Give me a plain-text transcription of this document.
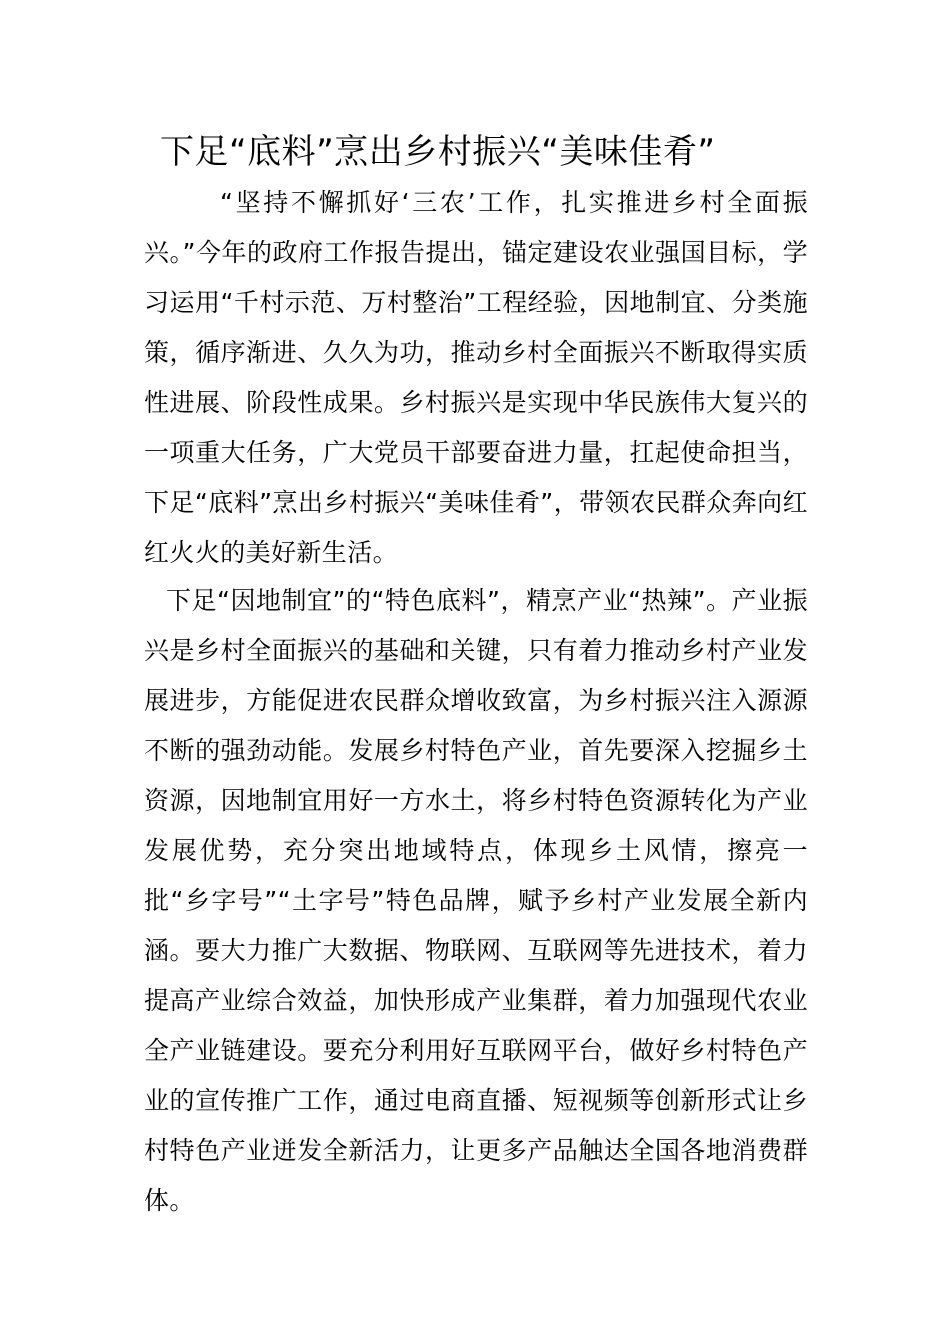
下足“底料”烹出乡村振兴“美味佳肴”

“坚持不懈抓好‘三农’工作，扎实推进乡村全面振兴。”今年的政府工作报告提出，锚定建设农业强国目标，学习运用“千村示范、万村整治”工程经验，因地制宜、分类施策，循序渐进、久久为功，推动乡村全面振兴不断取得实质性进展、阶段性成果。乡村振兴是实现中华民族伟大复兴的一项重大任务，广大党员干部要奋进力量，扛起使命担当，下足“底料”烹出乡村振兴“美味佳肴”，带领农民群众奔向红红火火的美好新生活。

下足“因地制宜”的“特色底料”，精烹产业“热辣”。产业振兴是乡村全面振兴的基础和关键，只有着力推动乡村产业发展进步，方能促进农民群众增收致富，为乡村振兴注入源源不断的强劲动能。发展乡村特色产业，首先要深入挖掘乡土资源，因地制宜用好一方水土，将乡村特色资源转化为产业发展优势，充分突出地域特点，体现乡土风情，擦亮一批“乡字号”“土字号”特色品牌，赋予乡村产业发展全新内涵。要大力推广大数据、物联网、互联网等先进技术，着力提高产业综合效益，加快形成产业集群，着力加强现代农业全产业链建设。要充分利用好互联网平台，做好乡村特色产业的宣传推广工作，通过电商直播、短视频等创新形式让乡村特色产业迸发全新活力，让更多产品触达全国各地消费群体。
